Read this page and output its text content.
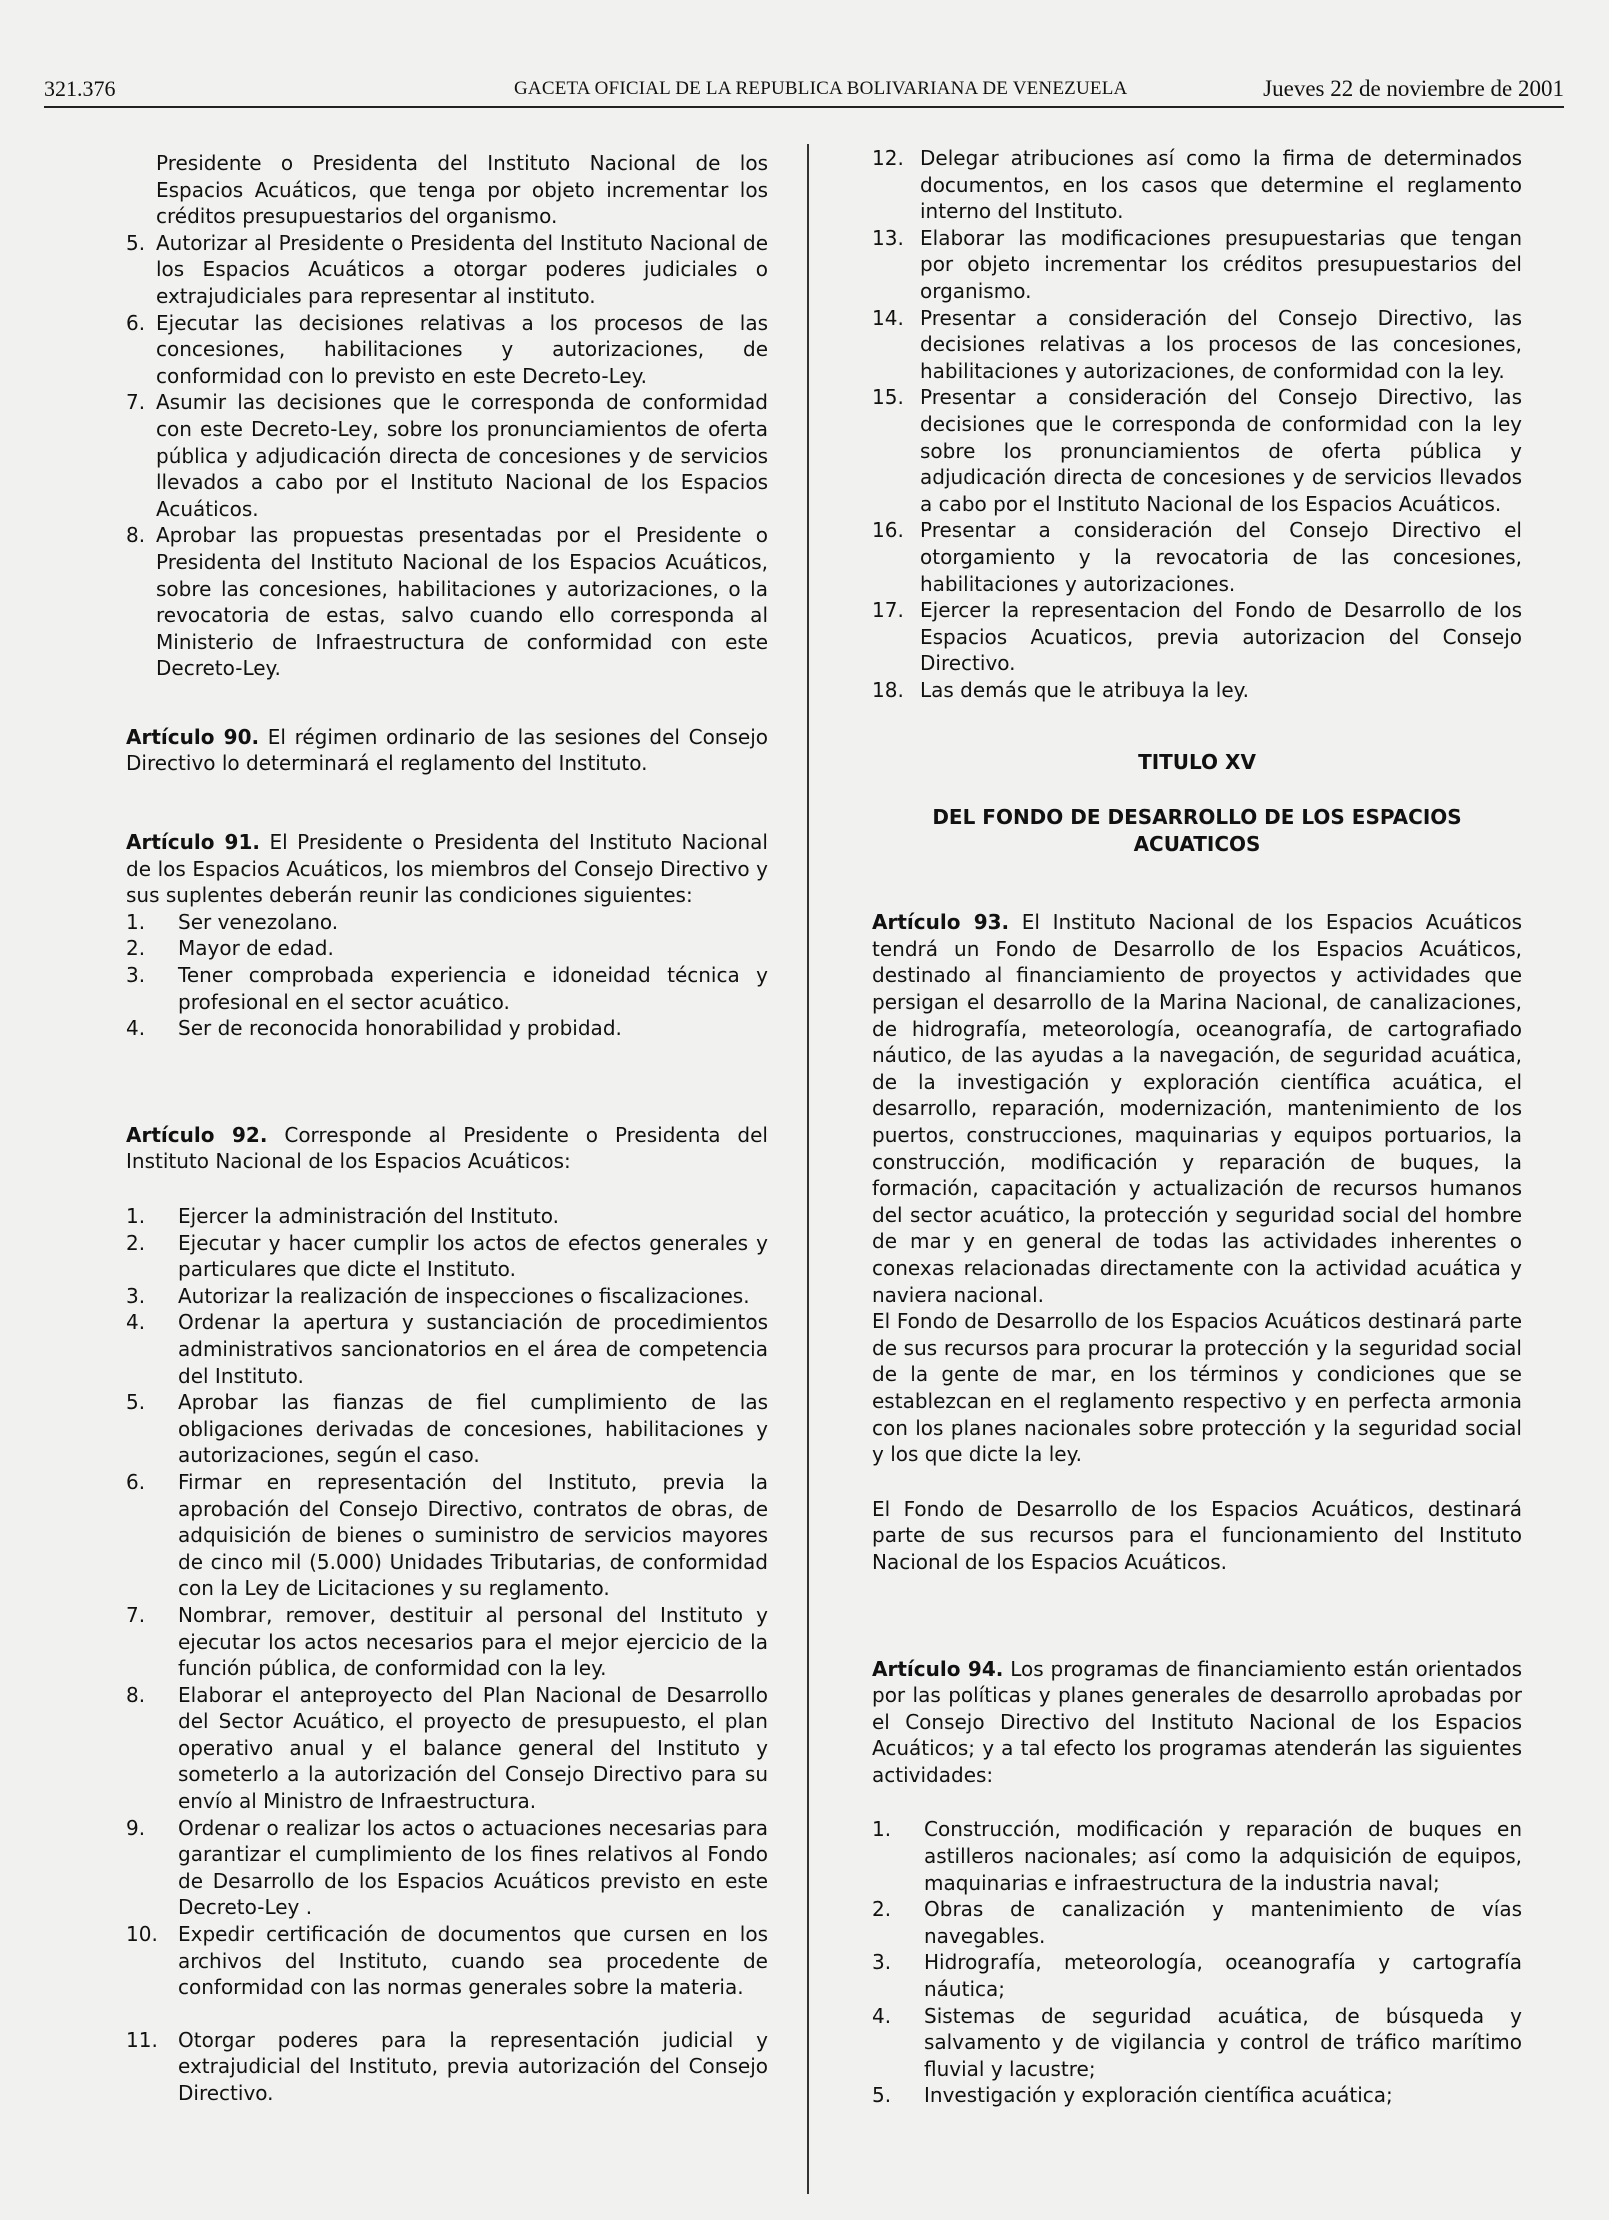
321.376	GACETA OFICIAL DE LA REPUBLICA BOLIVARIANA DE VENEZUELA	Jueves 22 de noviembre de 2001

Presidente o Presidenta del Instituto Nacional de los Espacios Acuáticos, que tenga por objeto incrementar los créditos presupuestarios del organismo.

5. Autorizar al Presidente o Presidenta del Instituto Nacional de los Espacios Acuáticos a otorgar poderes judiciales o extrajudiciales para representar al instituto.

6. Ejecutar las decisiones relativas a los procesos de las concesiones, habilitaciones y autorizaciones, de conformidad con lo previsto en este Decreto-Ley.

7. Asumir las decisiones que le corresponda de conformidad con este Decreto-Ley, sobre los pronunciamientos de oferta pública y adjudicación directa de concesiones y de servicios llevados a cabo por el Instituto Nacional de los Espacios Acuáticos.

8. Aprobar las propuestas presentadas por el Presidente o Presidenta del Instituto Nacional de los Espacios Acuáticos, sobre las concesiones, habilitaciones y autorizaciones, o la revocatoria de estas, salvo cuando ello corresponda al Ministerio de Infraestructura de conformidad con este Decreto-Ley.

Artículo 90. El régimen ordinario de las sesiones del Consejo Directivo lo determinará el reglamento del Instituto.

Artículo 91. El Presidente o Presidenta del Instituto Nacional de los Espacios Acuáticos, los miembros del Consejo Directivo y sus suplentes deberán reunir las condiciones siguientes:

1. Ser venezolano.

2. Mayor de edad.

3. Tener comprobada experiencia e idoneidad técnica y profesional en el sector acuático.

4. Ser de reconocida honorabilidad y probidad.

Artículo 92. Corresponde al Presidente o Presidenta del Instituto Nacional de los Espacios Acuáticos:

1. Ejercer la administración del Instituto.

2. Ejecutar y hacer cumplir los actos de efectos generales y particulares que dicte el Instituto.

3. Autorizar la realización de inspecciones o fiscalizaciones.

4. Ordenar la apertura y sustanciación de procedimientos administrativos sancionatorios en el área de competencia del Instituto.

5. Aprobar las fianzas de fiel cumplimiento de las obligaciones derivadas de concesiones, habilitaciones y autorizaciones, según el caso.

6. Firmar en representación del Instituto, previa la aprobación del Consejo Directivo, contratos de obras, de adquisición de bienes o suministro de servicios mayores de cinco mil (5.000) Unidades Tributarias, de conformidad con la Ley de Licitaciones y su reglamento.

7. Nombrar, remover, destituir al personal del Instituto y ejecutar los actos necesarios para el mejor ejercicio de la función pública, de conformidad con la ley.

8. Elaborar el anteproyecto del Plan Nacional de Desarrollo del Sector Acuático, el proyecto de presupuesto, el plan operativo anual y el balance general del Instituto y someterlo a la autorización del Consejo Directivo para su envío al Ministro de Infraestructura.

9. Ordenar o realizar los actos o actuaciones necesarias para garantizar el cumplimiento de los fines relativos al Fondo de Desarrollo de los Espacios Acuáticos previsto en este Decreto-Ley .

10. Expedir certificación de documentos que cursen en los archivos del Instituto, cuando sea procedente de conformidad con las normas generales sobre la materia.

11. Otorgar poderes para la representación judicial y extrajudicial del Instituto, previa autorización del Consejo Directivo.

12. Delegar atribuciones así como la firma de determinados documentos, en los casos que determine el reglamento interno del Instituto.

13. Elaborar las modificaciones presupuestarias que tengan por objeto incrementar los créditos presupuestarios del organismo.

14. Presentar a consideración del Consejo Directivo, las decisiones relativas a los procesos de las concesiones, habilitaciones y autorizaciones, de conformidad con la ley.

15. Presentar a consideración del Consejo Directivo, las decisiones que le corresponda de conformidad con la ley sobre los pronunciamientos de oferta pública y adjudicación directa de concesiones y de servicios llevados a cabo por el Instituto Nacional de los Espacios Acuáticos.

16. Presentar a consideración del Consejo Directivo el otorgamiento y la revocatoria de las concesiones, habilitaciones y autorizaciones.

17. Ejercer la representacion del Fondo de Desarrollo de los Espacios Acuaticos, previa autorizacion del Consejo Directivo.

18. Las demás que le atribuya la ley.

TITULO XV

DEL FONDO DE DESARROLLO DE LOS ESPACIOS ACUATICOS

Artículo 93. El Instituto Nacional de los Espacios Acuáticos tendrá un Fondo de Desarrollo de los Espacios Acuáticos, destinado al financiamiento de proyectos y actividades que persigan el desarrollo de la Marina Nacional, de canalizaciones, de hidrografía, meteorología, oceanografía, de cartografiado náutico, de las ayudas a la navegación, de seguridad acuática, de la investigación y exploración científica acuática, el desarrollo, reparación, modernización, mantenimiento de los puertos, construcciones, maquinarias y equipos portuarios, la construcción, modificación y reparación de buques, la formación, capacitación y actualización de recursos humanos del sector acuático, la protección y seguridad social del hombre de mar y en general de todas las actividades inherentes o conexas relacionadas directamente con la actividad acuática y naviera nacional.

El Fondo de Desarrollo de los Espacios Acuáticos destinará parte de sus recursos para procurar la protección y la seguridad social de la gente de mar, en los términos y condiciones que se establezcan en el reglamento respectivo y en perfecta armonia con los planes nacionales sobre protección y la seguridad social y los que dicte la ley.

El Fondo de Desarrollo de los Espacios Acuáticos, destinará parte de sus recursos para el funcionamiento del Instituto Nacional de los Espacios Acuáticos.

Artículo 94. Los programas de financiamiento están orientados por las políticas y planes generales de desarrollo aprobadas por el Consejo Directivo del Instituto Nacional de los Espacios Acuáticos; y a tal efecto los programas atenderán las siguientes actividades:

1. Construcción, modificación y reparación de buques en astilleros nacionales; así como la adquisición de equipos, maquinarias e infraestructura de la industria naval;

2. Obras de canalización y mantenimiento de vías navegables.

3. Hidrografía, meteorología, oceanografía y cartografía náutica;

4. Sistemas de seguridad acuática, de búsqueda y salvamento y de vigilancia y control de tráfico marítimo fluvial y lacustre;

5. Investigación y exploración científica acuática;
